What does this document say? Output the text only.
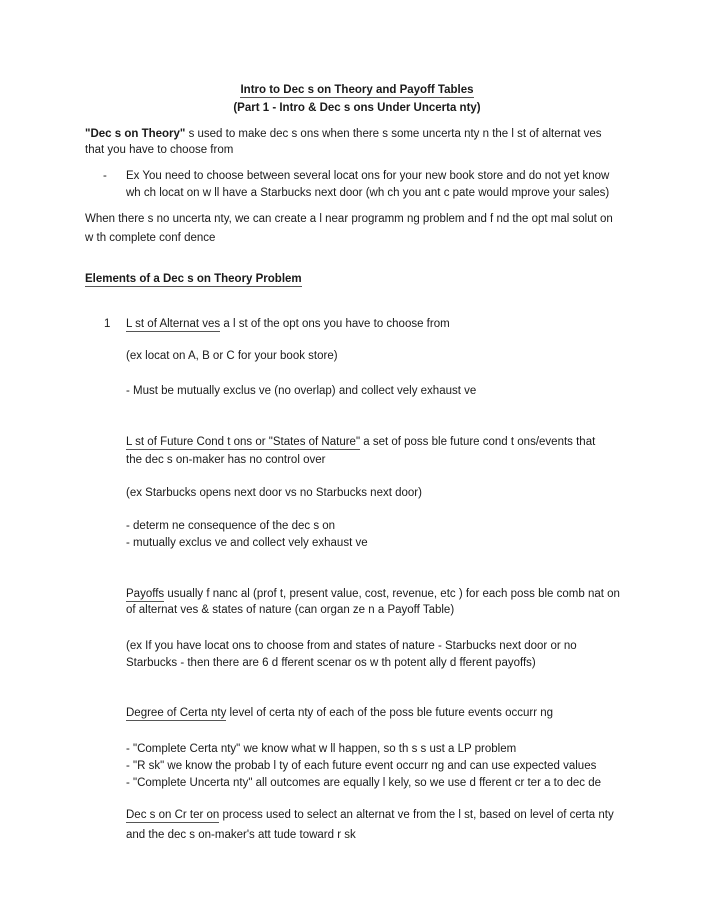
Intro to Dec s on Theory and Payoff Tables
(Part 1 - Intro & Dec s ons Under Uncerta nty)
"Dec s on Theory" s used to make dec s ons when there s some uncerta nty n the l st of alternat ves
that you have to choose from
- Ex You need to choose between several locat ons for your new book store and do not yet know
wh ch locat on w ll have a Starbucks next door (wh ch you ant c pate would mprove your sales)
When there s no uncerta nty, we can create a l near programm ng problem and f nd the opt mal solut on
w th complete conf dence
Elements of a Dec s on Theory Problem
1 L st of Alternat ves a l st of the opt ons you have to choose from
(ex locat on A, B or C for your book store)
- Must be mutually exclus ve (no overlap) and collect vely exhaust ve
L st of Future Cond t ons or "States of Nature" a set of poss ble future cond t ons/events that
the dec s on-maker has no control over
(ex Starbucks opens next door vs no Starbucks next door)
- determ ne consequence of the dec s on
- mutually exclus ve and collect vely exhaust ve
Payoffs usually f nanc al (prof t, present value, cost, revenue, etc ) for each poss ble comb nat on
of alternat ves & states of nature (can organ ze n a Payoff Table)
(ex If you have locat ons to choose from and states of nature - Starbucks next door or no
Starbucks - then there are 6 d fferent scenar os w th potent ally d fferent payoffs)
Degree of Certa nty level of certa nty of each of the poss ble future events occurr ng
- "Complete Certa nty" we know what w ll happen, so th s s ust a LP problem
- "R sk" we know the probab l ty of each future event occurr ng and can use expected values
- "Complete Uncerta nty" all outcomes are equally l kely, so we use d fferent cr ter a to dec de
Dec s on Cr ter on process used to select an alternat ve from the l st, based on level of certa nty
and the dec s on-maker's att tude toward r sk
